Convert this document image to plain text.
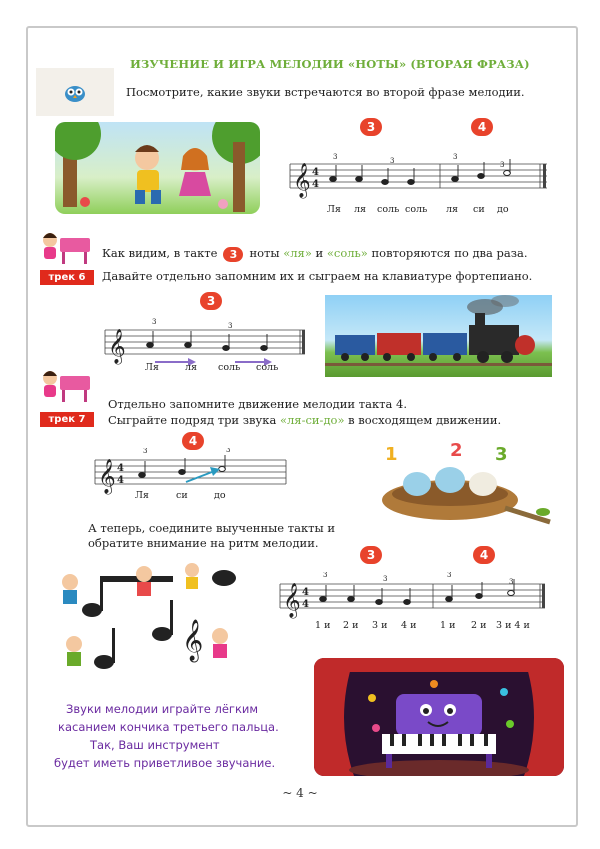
ИЗУЧЕНИЕ И ИГРА МЕЛОДИИ «НОТЫ» (ВТОРАЯ ФРАЗА)
Посмотрите, какие звуки встречаются во второй фразе мелодии.
3	4
𝄞 4
4
3	3	3
3
Ля ля соль соль ля си до
трек 6
Как видим, в такте 3 ноты «ля» и «соль» повторяются по два раза.
Давайте отдельно запомним их и сыграем на клавиатуре фортепиано.
3
𝄞
3	3
Ля	ля соль соль
трек 7
Отдельно запомните движение мелодии такта 4.
Сыграйте подряд три звука «ля-си-до» в восходящем движении.
4
𝄞 4
4
3	3
Ля	си	до
1	2 3
А теперь, соедините выученные такты и
обратите внимание на ритм мелодии.
𝄞
3	4
𝄞 4
4
3	3	3
3
1 и 2 и 3 и 4 и 1 и 2 и 3 и 4 и
Звуки мелодии играйте лёгким
касанием кончика третьего пальца.
Так, Ваш инструмент
будет иметь приветливое звучание.
~ 4 ~
